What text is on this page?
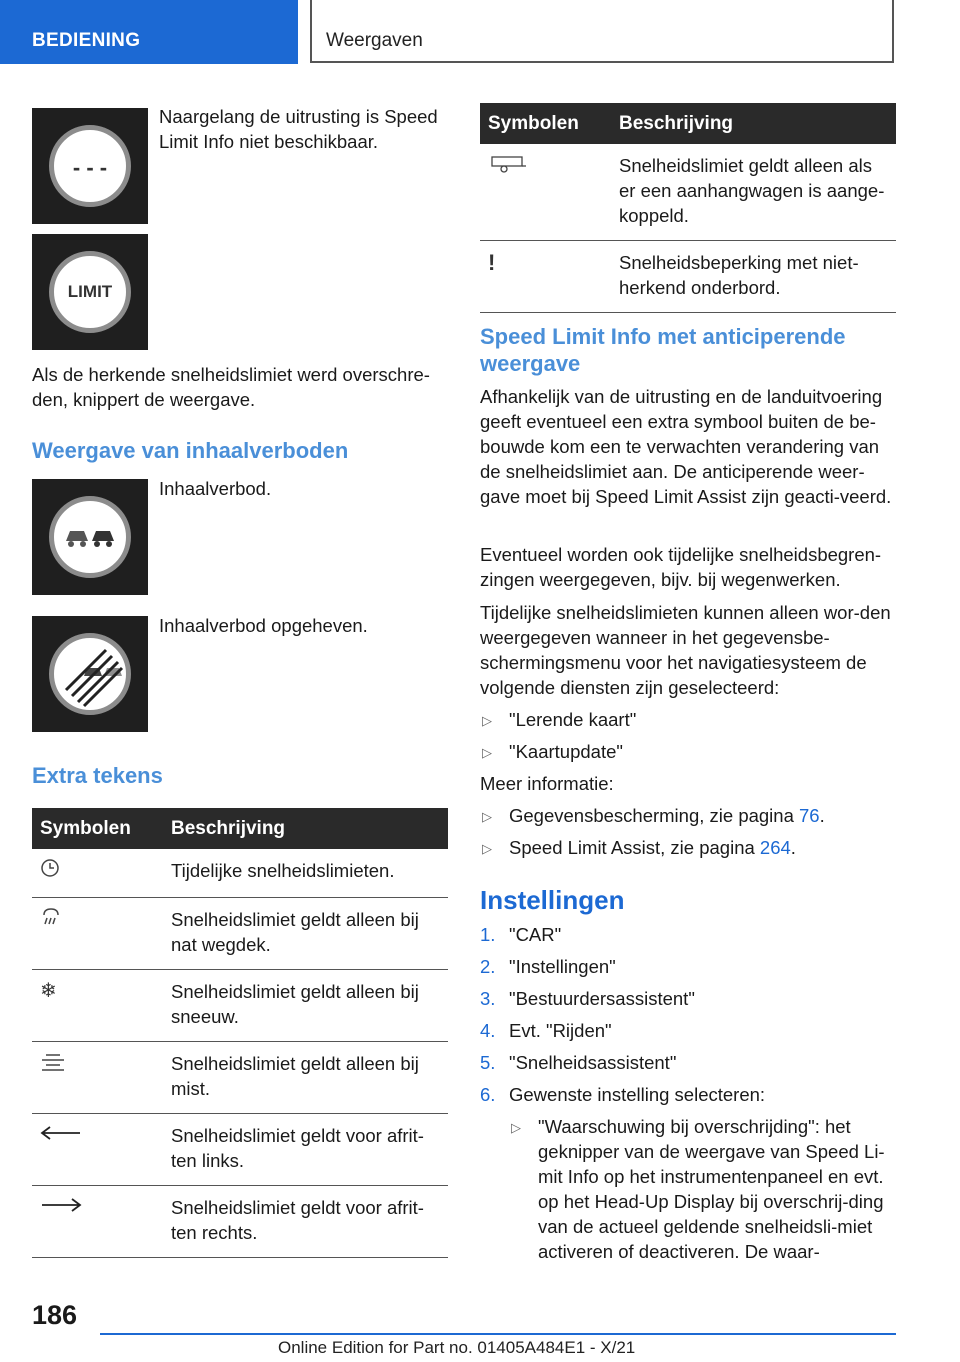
BEDIENING	Weergaven
- - -
Naargelang de uitrusting is Speed
Limit Info niet beschikbaar.
LIMIT
Als de herkende snelheidslimiet werd overschre-
den, knippert de weergave.
Weergave van inhaalverboden
Inhaalverbod.
Inhaalverbod opgeheven.
Extra tekens
Symbolen	Beschrijving
	Tijdelijke snelheidslimieten.
	Snelheidslimiet geldt alleen bij nat wegdek.
❄	Snelheidslimiet geldt alleen bij sneeuw.
	Snelheidslimiet geldt alleen bij mist.
	Snelheidslimiet geldt voor afrit-ten links.
	Snelheidslimiet geldt voor afrit-ten rechts.
Symbolen	Beschrijving
	Snelheidslimiet geldt alleen als er een aanhangwagen is aange-koppeld.
!	Snelheidsbeperking met niet-herkend onderbord.
Speed Limit Info met anticiperende weergave
Afhankelijk van de uitrusting en de landuitvoering geeft eventueel een extra symbool buiten de be-bouwde kom een te verwachten verandering van de snelheidslimiet aan. De anticiperende weer-gave moet bij Speed Limit Assist zijn geacti-veerd.
Eventueel worden ook tijdelijke snelheidsbegren-zingen weergegeven, bijv. bij wegenwerken.
Tijdelijke snelheidslimieten kunnen alleen wor-den weergegeven wanneer in het gegevensbe-schermingsmenu voor het navigatiesysteem de volgende diensten zijn geselecteerd:
▷ "Lerende kaart"
▷ "Kaartupdate"
Meer informatie:
▷ Gegevensbescherming, zie pagina 76.
▷ Speed Limit Assist, zie pagina 264.
Instellingen
1. "CAR"
2. "Instellingen"
3. "Bestuurdersassistent"
4. Evt. "Rijden"
5. "Snelheidsassistent"
6. Gewenste instelling selecteren:
▷ "Waarschuwing bij overschrijding": het geknipper van de weergave van Speed Li-mit Info op het instrumentenpaneel en evt. op het Head-Up Display bij overschrij-ding van de actueel geldende snelheidsli-miet activeren of deactiveren. De waar-
186
Online Edition for Part no. 01405A484E1 - X/21
